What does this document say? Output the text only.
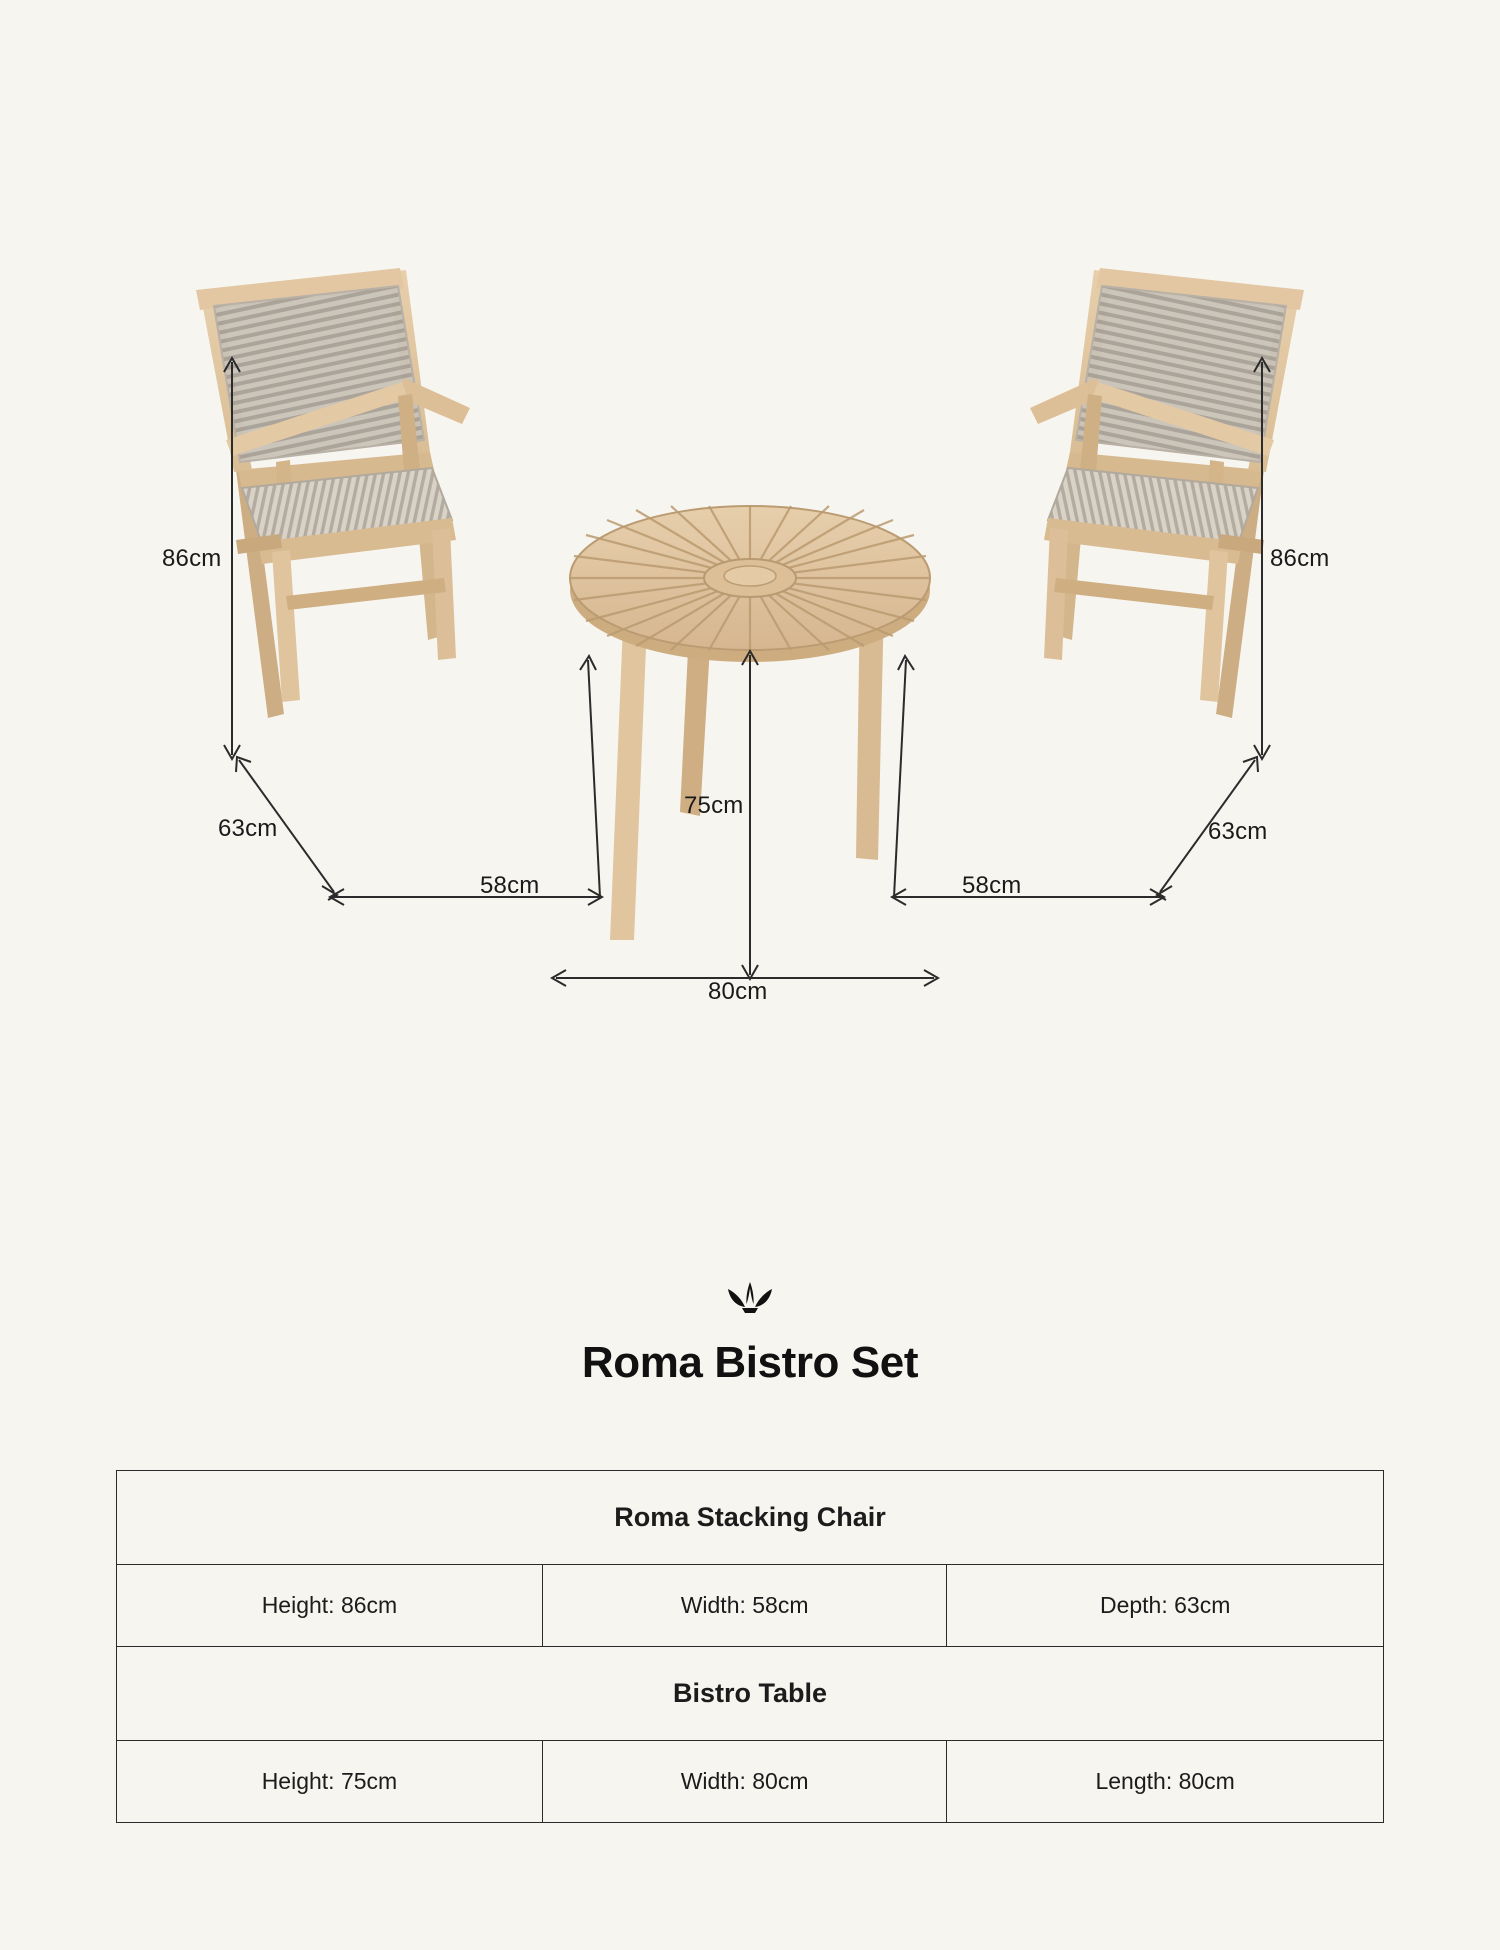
86cm
63cm
58cm
86cm
63cm
58cm
75cm
80cm
Roma Bistro Set
Roma Stacking Chair		
Height: 86cm	Width: 58cm	Depth: 63cm
Bistro Table		
Height: 75cm	Width: 80cm	Length: 80cm
